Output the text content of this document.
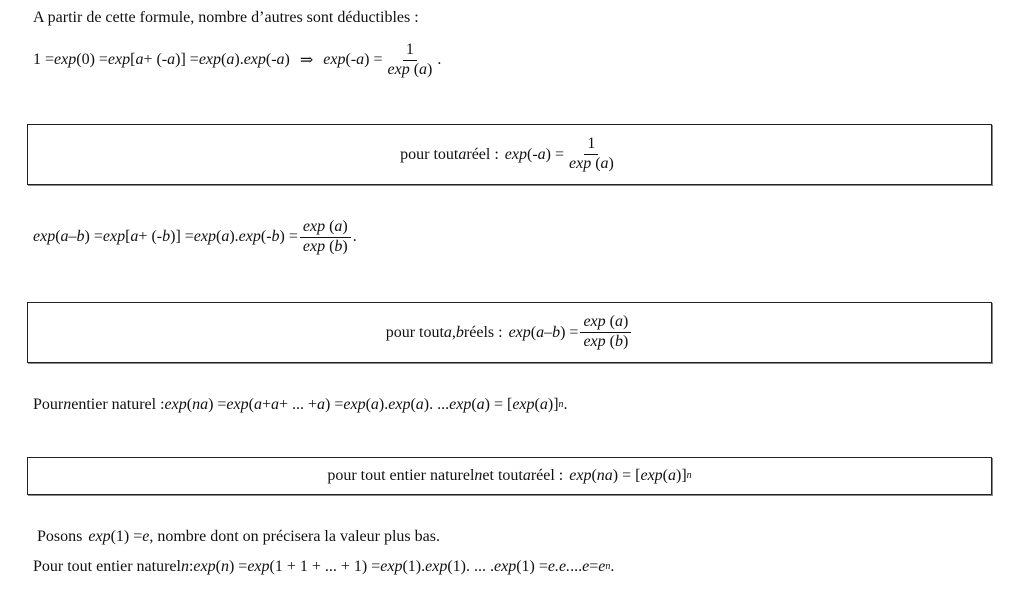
A partir de cette formule, nombre d’autres sont déductibles :
1 = exp (0) = exp [ a + (- a )] = exp ( a ). exp (- a ) ⇒ exp (- a ) = $\frac{1}{\exp (a)}$ .
pour tout a réel : exp (- a ) = $\frac{1}{\exp (a)}$
exp ( a – b ) = exp [ a + (- b )] = exp ( a ). exp (- b ) = $\frac{\exp (a)}{\exp (b)}$ .
pour tout a , b réels : exp ( a – b ) = $\frac{\exp (a)}{\exp (b)}$
Pour n entier naturel : exp ( na ) = exp ( a + a + ... + a ) = exp ( a ). exp ( a ). ... exp ( a ) = [ exp ( a )] n .
pour tout entier naturel n et tout a réel : exp ( na ) = [ exp ( a )] n
Posons exp (1) = e , nombre dont on précisera la valeur plus bas.
Pour tout entier naturel n : exp ( n ) = exp (1 + 1 + ... + 1) = exp (1). exp (1). ... . exp (1) = e.e. ... e = e n .
